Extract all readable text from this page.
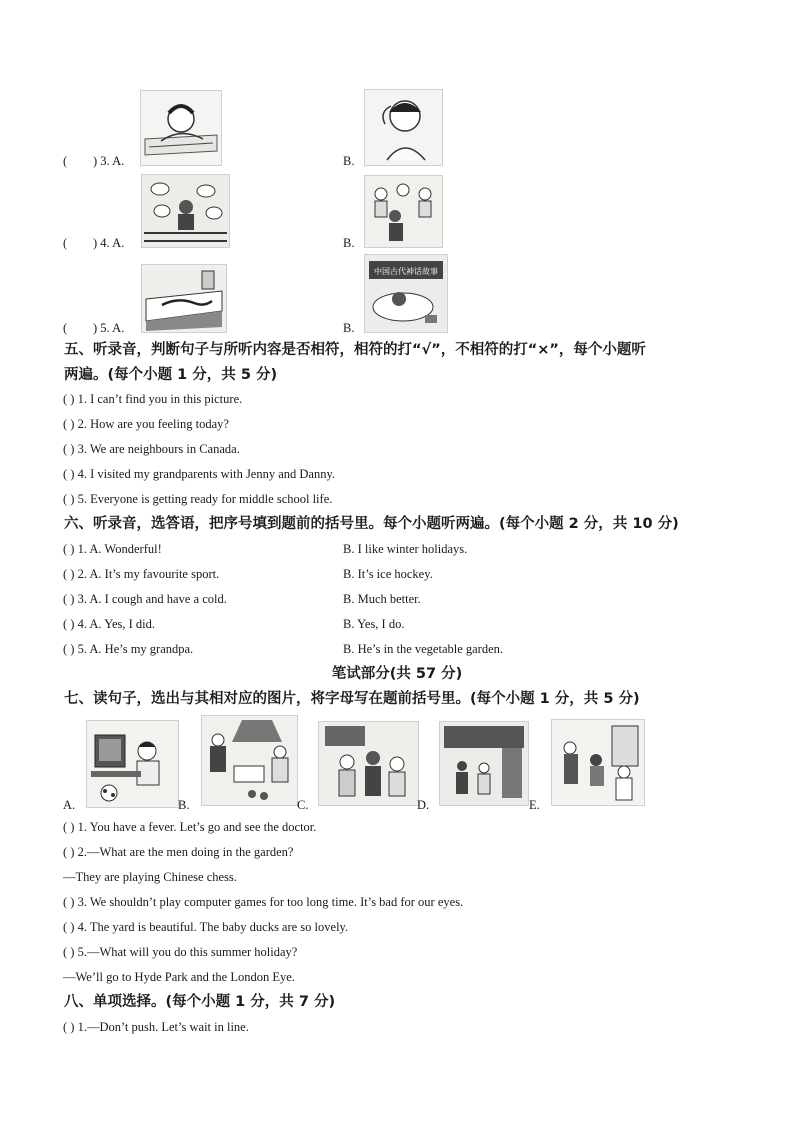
( ) 3. A.	B.
( ) 4. A.	B.
( ) 5. A.	B.
中国古代神话故事
五、听录音，判断句子与所听内容是否相符，相符的打“√”，不相符的打“×”，每个小题听
两遍。(每个小题 1 分，共 5 分)
( ) 1. I can’t find you in this picture.
( ) 2. How are you feeling today?
( ) 3. We are neighbours in Canada.
( ) 4. I visited my grandparents with Jenny and Danny.
( ) 5. Everyone is getting ready for middle school life.
六、听录音，选答语，把序号填到题前的括号里。每个小题听两遍。(每个小题 2 分，共 10 分)
( ) 1. A. Wonderful!	B. I like winter holidays.
( ) 2. A. It’s my favourite sport.	B. It’s ice hockey.
( ) 3. A. I cough and have a cold.	B. Much better.
( ) 4. A. Yes, I did.	B. Yes, I do.
( ) 5. A. He’s my grandpa.	B. He’s in the vegetable garden.
笔试部分(共 57 分)
七、读句子，选出与其相对应的图片，将字母写在题前括号里。(每个小题 1 分，共 5 分)
A.	B.	C.	D.	E.
( ) 1. You have a fever. Let’s go and see the doctor.
( ) 2.—What are the men doing in the garden?
—They are playing Chinese chess.
( ) 3. We shouldn’t play computer games for too long time. It’s bad for our eyes.
( ) 4. The yard is beautiful. The baby ducks are so lovely.
( ) 5.—What will you do this summer holiday?
—We’ll go to Hyde Park and the London Eye.
八、单项选择。(每个小题 1 分，共 7 分)
( ) 1.—Don’t push. Let’s wait in line.
